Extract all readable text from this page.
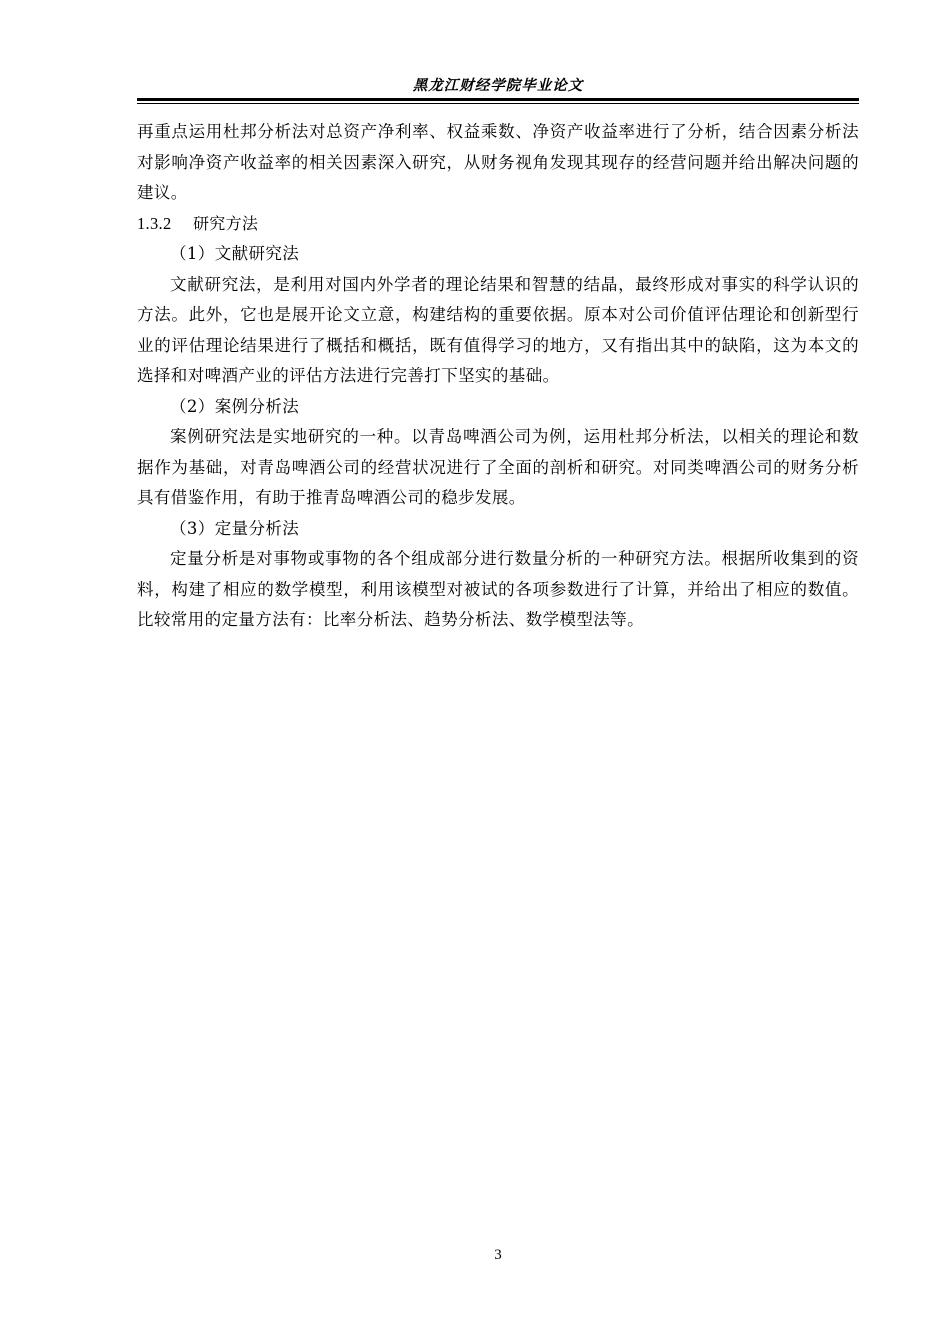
黑龙江财经学院毕业论文

再重点运用杜邦分析法对总资产净利率、权益乘数、净资产收益率进行了分析，结合因素分析法对影响净资产收益率的相关因素深入研究，从财务视角发现其现存的经营问题并给出解决问题的建议。

1.3.2 研究方法

（1）文献研究法

文献研究法，是利用对国内外学者的理论结果和智慧的结晶，最终形成对事实的科学认识的方法。此外，它也是展开论文立意，构建结构的重要依据。原本对公司价值评估理论和创新型行业的评估理论结果进行了概括和概括，既有值得学习的地方，又有指出其中的缺陷，这为本文的选择和对啤酒产业的评估方法进行完善打下坚实的基础。

（2）案例分析法

案例研究法是实地研究的一种。以青岛啤酒公司为例，运用杜邦分析法，以相关的理论和数据作为基础，对青岛啤酒公司的经营状况进行了全面的剖析和研究。对同类啤酒公司的财务分析具有借鉴作用，有助于推青岛啤酒公司的稳步发展。

（3）定量分析法

定量分析是对事物或事物的各个组成部分进行数量分析的一种研究方法。根据所收集到的资料，构建了相应的数学模型，利用该模型对被试的各项参数进行了计算，并给出了相应的数值。比较常用的定量方法有：比率分析法、趋势分析法、数学模型法等。

3
